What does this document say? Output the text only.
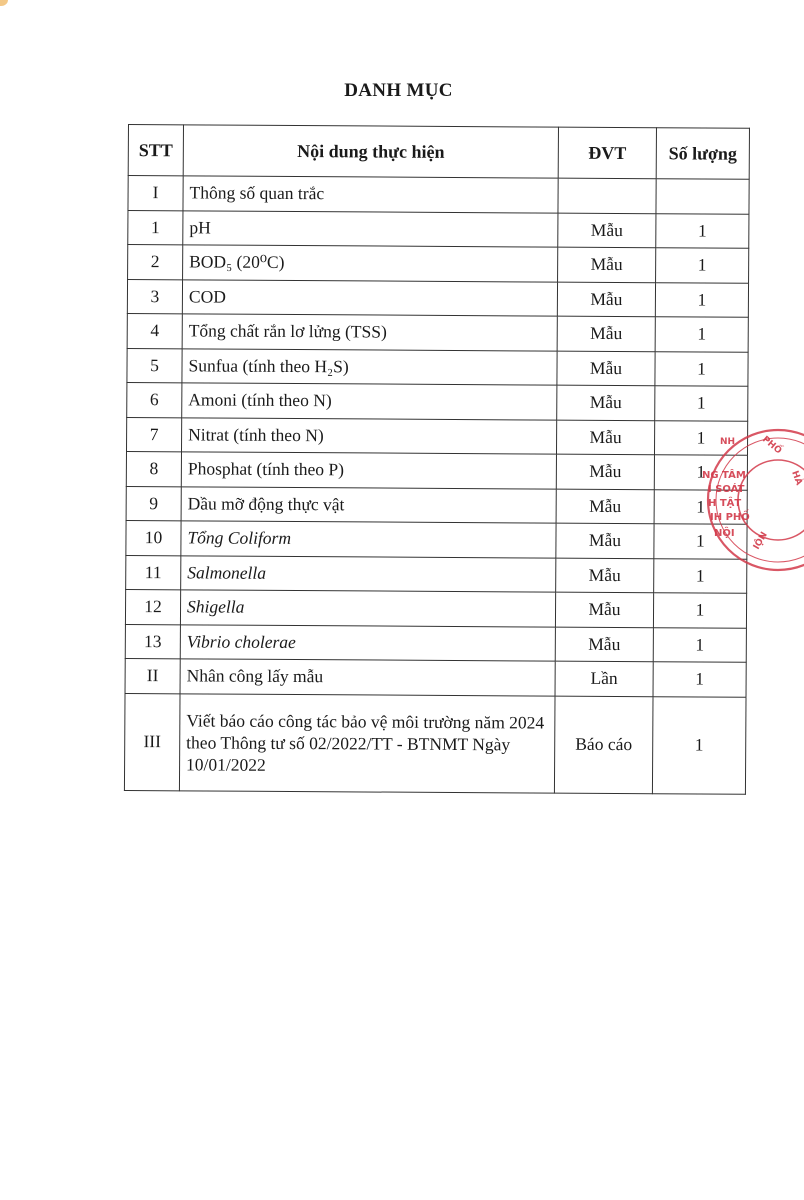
DANH MỤC
STT	Nội dung thực hiện	ĐVT	Số lượng
I	Thông số quan trắc		
1	pH	Mẫu	1
2	BOD₅ (20⁰C)	Mẫu	1
3	COD	Mẫu	1
4	Tổng chất rắn lơ lửng (TSS)	Mẫu	1
5	Sunfua (tính theo H₂S)	Mẫu	1
6	Amoni (tính theo N)	Mẫu	1
7	Nitrat (tính theo N)	Mẫu	1
8	Phosphat (tính theo P)	Mẫu	1
9	Dầu mỡ động thực vật	Mẫu	1
10	Tổng Coliform	Mẫu	1
11	Salmonella	Mẫu	1
12	Shigella	Mẫu	1
13	Vibrio cholerae	Mẫu	1
II	Nhân công lấy mẫu	Lần	1
III	Viết báo cáo công tác bảo vệ môi trường năm 2024 theo Thông tư số 02/2022/TT - BTNMT Ngày 10/01/2022	Báo cáo	1
NH	PHỐ
HÀ
NG TÂM
I SOÁT
H TẬT
IH PHỐ
NỘI IỘN
